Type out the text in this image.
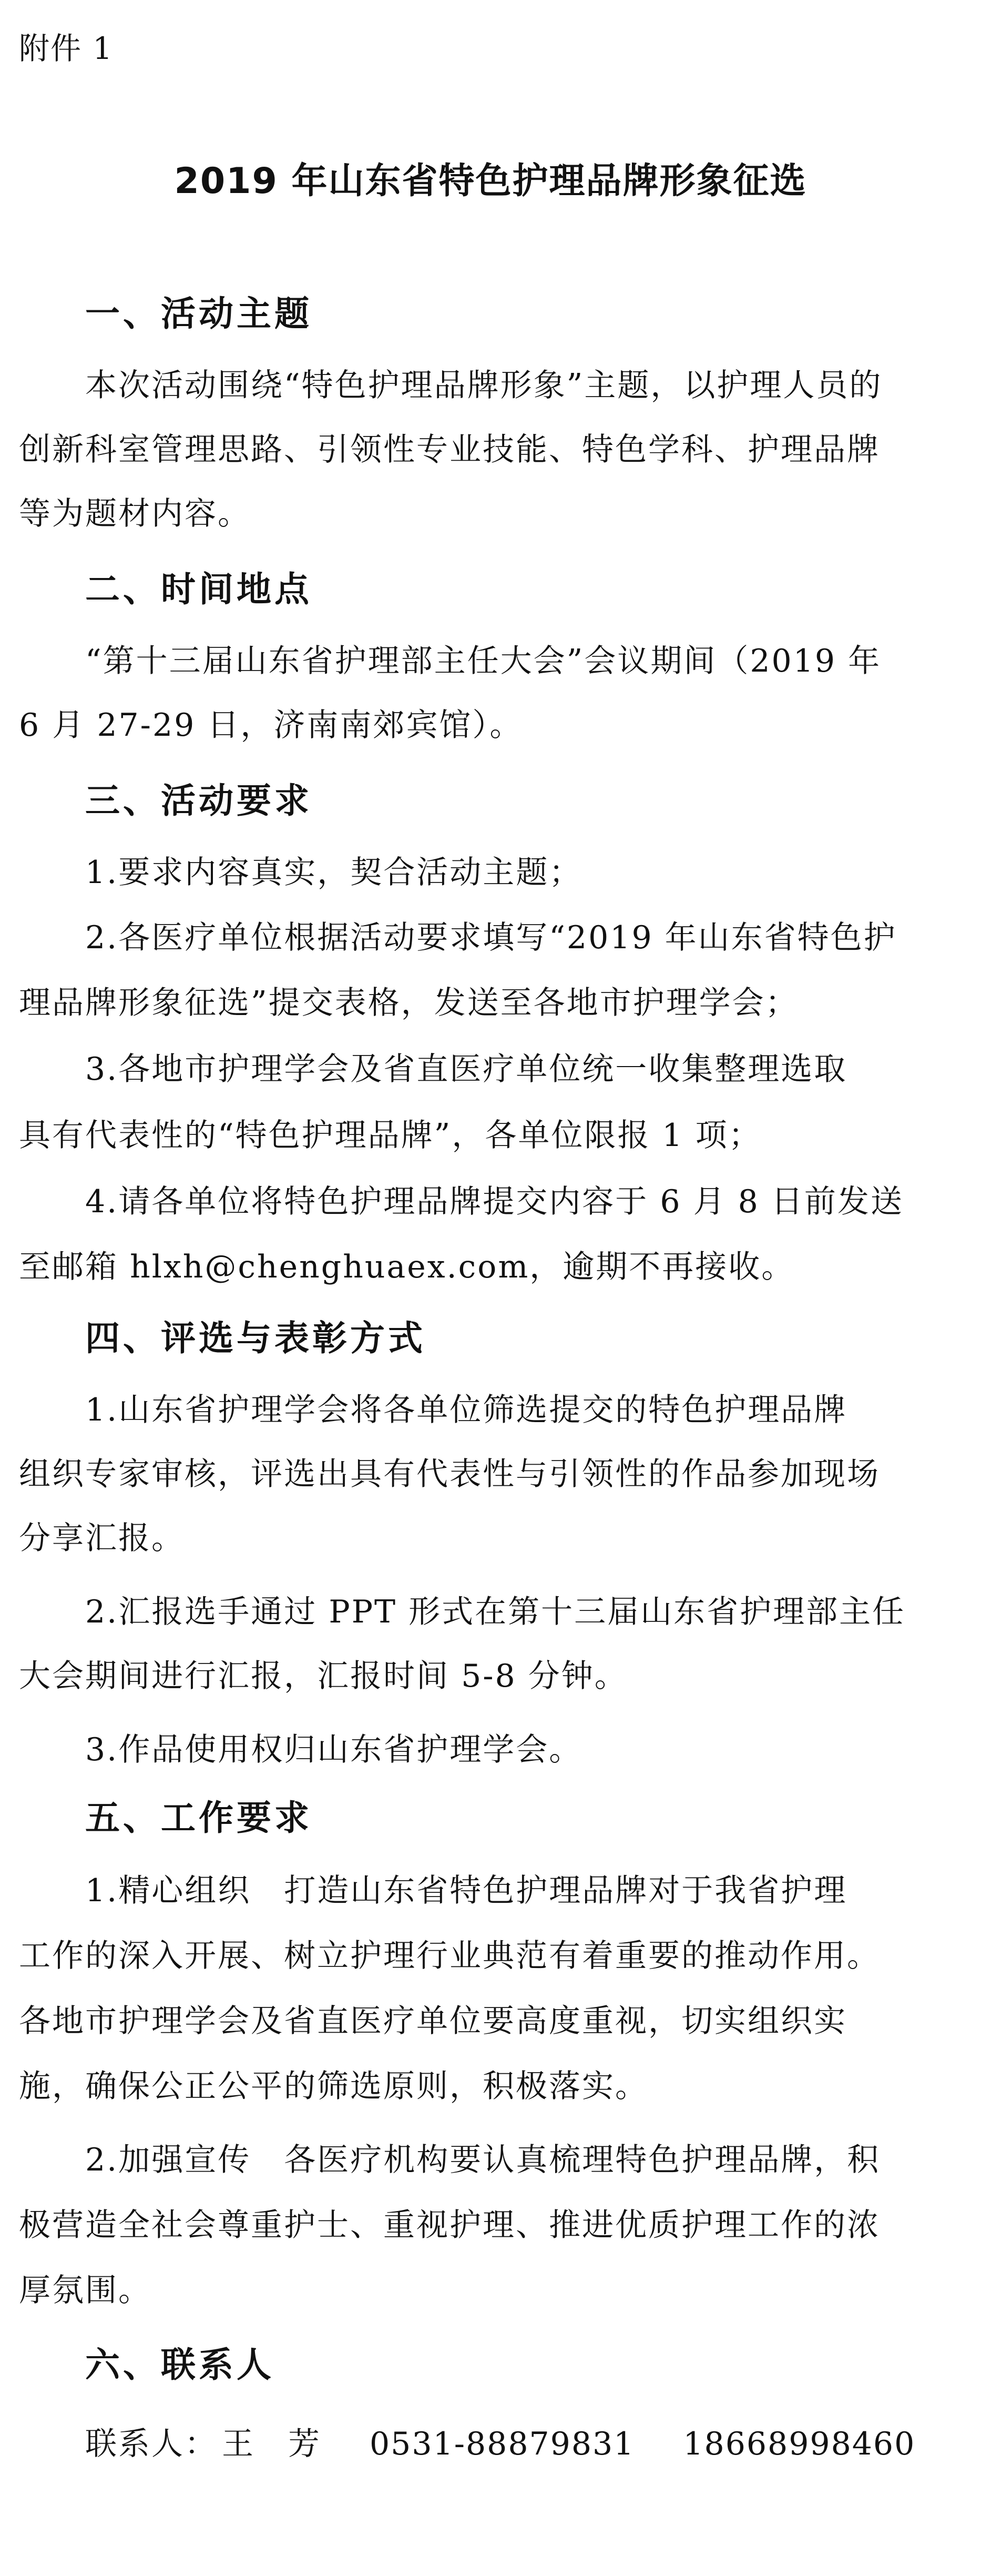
附件 1
2019 年山东省特色护理品牌形象征选
一、活动主题
本次活动围绕“特色护理品牌形象”主题，以护理人员的
创新科室管理思路、引领性专业技能、特色学科、护理品牌
等为题材内容。
二、时间地点
“第十三届山东省护理部主任大会”会议期间（2019 年
6 月 27-29 日，济南南郊宾馆）。
三、活动要求
1.要求内容真实，契合活动主题；
2.各医疗单位根据活动要求填写“2019 年山东省特色护
理品牌形象征选”提交表格，发送至各地市护理学会；
3.各地市护理学会及省直医疗单位统一收集整理选取
具有代表性的“特色护理品牌”，各单位限报 1 项；
4.请各单位将特色护理品牌提交内容于 6 月 8 日前发送
至邮箱 hlxh@chenghuaex.com，逾期不再接收。
四、评选与表彰方式
1.山东省护理学会将各单位筛选提交的特色护理品牌
组织专家审核，评选出具有代表性与引领性的作品参加现场
分享汇报。
2.汇报选手通过 PPT 形式在第十三届山东省护理部主任
大会期间进行汇报，汇报时间 5-8 分钟。
3.作品使用权归山东省护理学会。
五、工作要求
1.精心组织　打造山东省特色护理品牌对于我省护理
工作的深入开展、树立护理行业典范有着重要的推动作用。
各地市护理学会及省直医疗单位要高度重视，切实组织实
施，确保公正公平的筛选原则，积极落实。
2.加强宣传　各医疗机构要认真梳理特色护理品牌，积
极营造全社会尊重护士、重视护理、推进优质护理工作的浓
厚氛围。
六、联系人
联系人： 王　芳 0531-88879831 18668998460
